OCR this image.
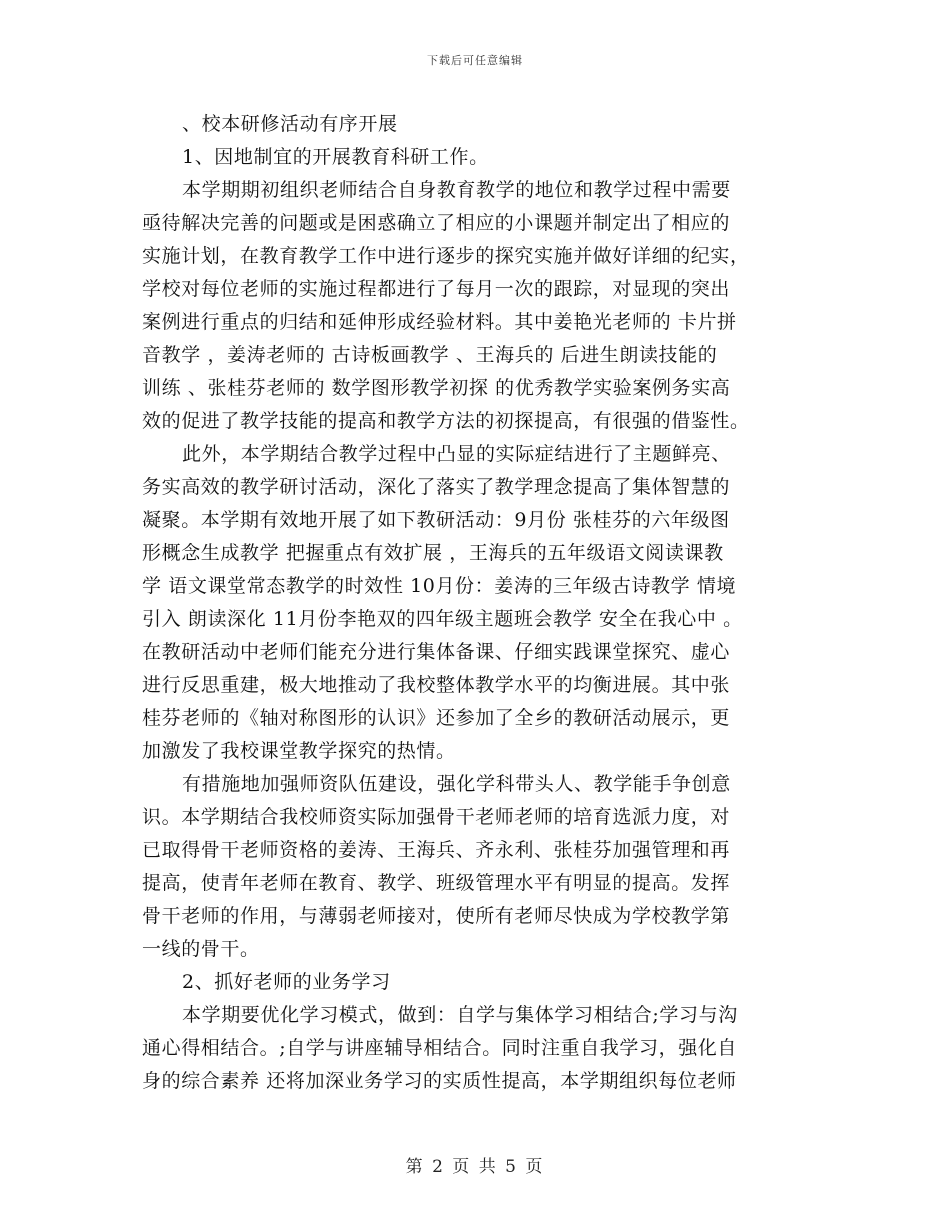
下载后可任意编辑
、校本研修活动有序开展
1、因地制宜的开展教育科研工作。
本学期期初组织老师结合自身教育教学的地位和教学过程中需要
亟待解决完善的问题或是困惑确立了相应的小课题并制定出了相应的
实施计划，在教育教学工作中进行逐步的探究实施并做好详细的纪实，
学校对每位老师的实施过程都进行了每月一次的跟踪，对显现的突出
案例进行重点的归结和延伸形成经验材料。其中姜艳光老师的 卡片拼
音教学 ，姜涛老师的 古诗板画教学 、王海兵的 后进生朗读技能的
训练 、张桂芬老师的 数学图形教学初探 的优秀教学实验案例务实高
效的促进了教学技能的提高和教学方法的初探提高，有很强的借鉴性。
此外，本学期结合教学过程中凸显的实际症结进行了主题鲜亮、
务实高效的教学研讨活动，深化了落实了教学理念提高了集体智慧的
凝聚。本学期有效地开展了如下教研活动：9月份 张桂芬的六年级图
形概念生成教学 把握重点有效扩展 ，王海兵的五年级语文阅读课教
学 语文课堂常态教学的时效性 10月份：姜涛的三年级古诗教学 情境
引入 朗读深化 11月份李艳双的四年级主题班会教学 安全在我心中 。
在教研活动中老师们能充分进行集体备课、仔细实践课堂探究、虚心
进行反思重建，极大地推动了我校整体教学水平的均衡进展。其中张
桂芬老师的《轴对称图形的认识》还参加了全乡的教研活动展示，更
加激发了我校课堂教学探究的热情。
有措施地加强师资队伍建设，强化学科带头人、教学能手争创意
识。本学期结合我校师资实际加强骨干老师老师的培育选派力度，对
已取得骨干老师资格的姜涛、王海兵、齐永利、张桂芬加强管理和再
提高，使青年老师在教育、教学、班级管理水平有明显的提高。发挥
骨干老师的作用，与薄弱老师接对，使所有老师尽快成为学校教学第
一线的骨干。
2、抓好老师的业务学习
本学期要优化学习模式，做到：自学与集体学习相结合;学习与沟
通心得相结合。;自学与讲座辅导相结合。同时注重自我学习，强化自
身的综合素养 还将加深业务学习的实质性提高，本学期组织每位老师
第 2 页 共 5 页
